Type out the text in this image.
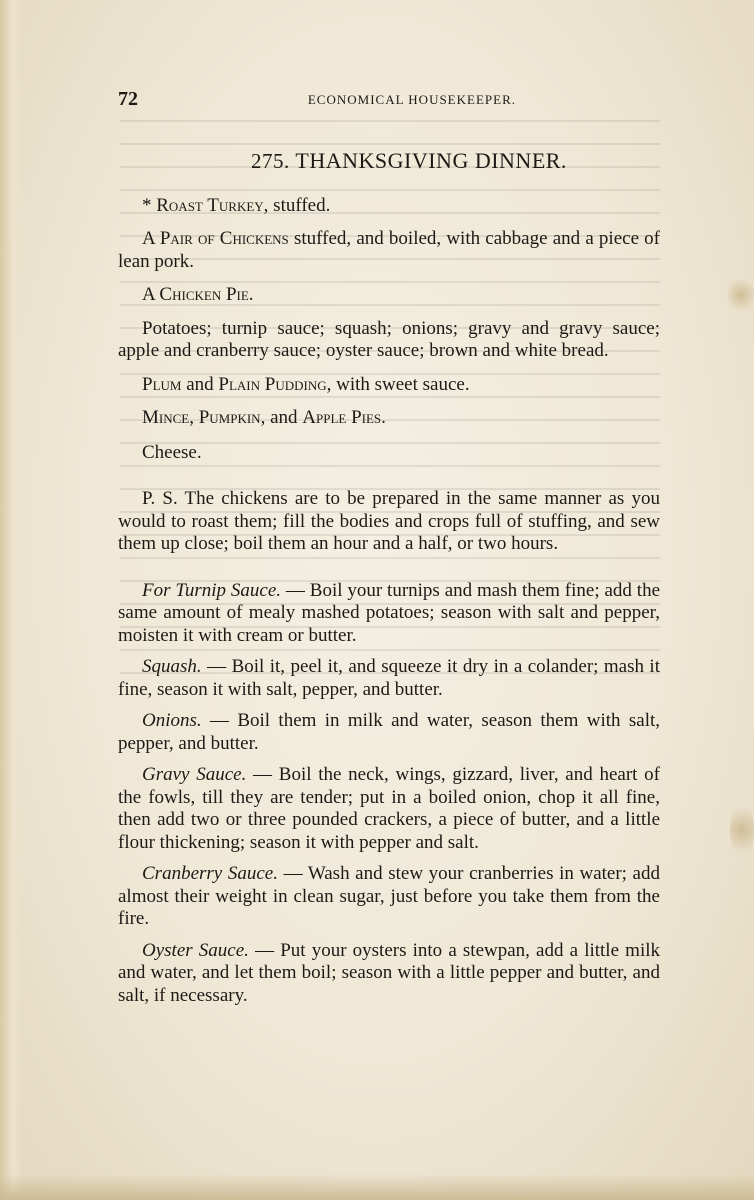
72	ECONOMICAL HOUSEKEEPER.
275. THANKSGIVING DINNER.

* Roast Turkey, stuffed.

A Pair of Chickens stuffed, and boiled, with cabbage and a piece of lean pork.

A Chicken Pie.

Potatoes; turnip sauce; squash; onions; gravy and gravy sauce; apple and cranberry sauce; oyster sauce; brown and white bread.

Plum and Plain Pudding, with sweet sauce.

Mince, Pumpkin, and Apple Pies.

Cheese.

P. S. The chickens are to be prepared in the same manner as you would to roast them; fill the bodies and crops full of stuffing, and sew them up close; boil them an hour and a half, or two hours.

For Turnip Sauce. — Boil your turnips and mash them fine; add the same amount of mealy mashed potatoes; season with salt and pepper, moisten it with cream or butter.

Squash. — Boil it, peel it, and squeeze it dry in a colander; mash it fine, season it with salt, pepper, and butter.

Onions. — Boil them in milk and water, season them with salt, pepper, and butter.

Gravy Sauce. — Boil the neck, wings, gizzard, liver, and heart of the fowls, till they are tender; put in a boiled onion, chop it all fine, then add two or three pounded crackers, a piece of butter, and a little flour thickening; season it with pepper and salt.

Cranberry Sauce. — Wash and stew your cranberries in water; add almost their weight in clean sugar, just before you take them from the fire.

Oyster Sauce. — Put your oysters into a stewpan, add a little milk and water, and let them boil; season with a little pepper and butter, and salt, if necessary.
